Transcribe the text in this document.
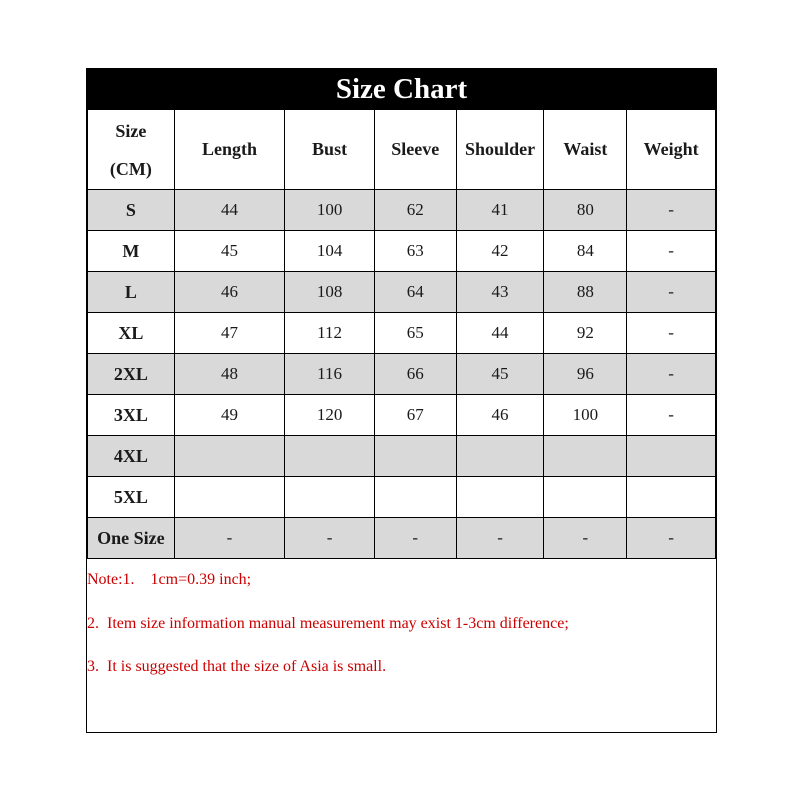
Size Chart
Size
(CM)	Length	Bust	Sleeve	Shoulder	Waist	Weight
S	44	100	62	41	80	-
M	45	104	63	42	84	-
L	46	108	64	43	88	-
XL	47	112	65	44	92	-
2XL	48	116	66	45	96	-
3XL	49	120	67	46	100	-
4XL						
5XL						
One Size	-	-	-	-	-	-
Note:1.    1cm=0.39 inch;
2.  Item size information manual measurement may exist 1-3cm difference;
3.  It is suggested that the size of Asia is small.
